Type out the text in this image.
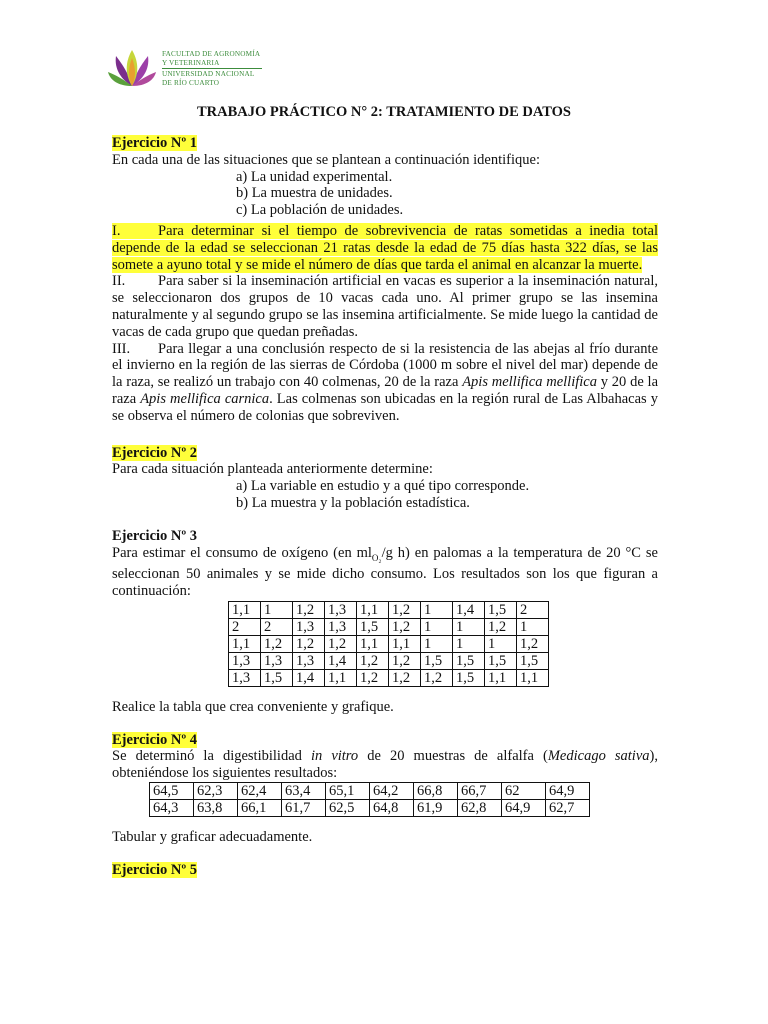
FACULTAD DE AGRONOMÍA
Y VETERINARIA
UNIVERSIDAD NACIONAL
DE RÍO CUARTO
TRABAJO PRÁCTICO N° 2: TRATAMIENTO DE DATOS
Ejercicio Nº 1
En cada una de las situaciones que se plantean a continuación identifique:
a) La unidad experimental.
b) La muestra de unidades.
c) La población de unidades.
I.	Para determinar si el tiempo de sobrevivencia de ratas sometidas a inedia total depende de la edad se seleccionan 21 ratas desde la edad de 75 días hasta 322 días, se las somete a ayuno total y se mide el número de días que tarda el animal en alcanzar la muerte.
II. Para saber si la inseminación artificial en vacas es superior a la inseminación natural, se seleccionaron dos grupos de 10 vacas cada uno. Al primer grupo se las insemina naturalmente y al segundo grupo se las insemina artificialmente. Se mide luego la cantidad de vacas de cada grupo que quedan preñadas.
III. Para llegar a una conclusión respecto de si la resistencia de las abejas al frío durante el invierno en la región de las sierras de Córdoba (1000 m sobre el nivel del mar) depende de la raza, se realizó un trabajo con 40 colmenas, 20 de la raza Apis mellifica mellifica y 20 de la raza Apis mellifica carnica. Las colmenas son ubicadas en la región rural de Las Albahacas y se observa el número de colonias que sobreviven.
Ejercicio Nº 2
Para cada situación planteada anteriormente determine:
a) La variable en estudio y a qué tipo corresponde.
b) La muestra y la población estadística.
Ejercicio Nº 3
Para estimar el consumo de oxígeno (en $ml_{O_2}/g$ h) en palomas a la temperatura de 20 °C se seleccionan 50 animales y se mide dicho consumo. Los resultados son los que figuran a continuación:
1,1	1	1,2	1,3	1,1	1,2	1	1,4	1,5	2
2	2	1,3	1,3	1,5	1,2	1	1	1,2	1
1,1	1,2	1,2	1,2	1,1	1,1	1	1	1	1,2
1,3	1,3	1,3	1,4	1,2	1,2	1,5	1,5	1,5	1,5
1,3	1,5	1,4	1,1	1,2	1,2	1,2	1,5	1,1	1,1
Realice la tabla que crea conveniente y grafique.
Ejercicio Nº 4
Se determinó la digestibilidad in vitro de 20 muestras de alfalfa (Medicago sativa), obteniéndose los siguientes resultados:
64,5	62,3	62,4	63,4	65,1	64,2	66,8	66,7	62	64,9
64,3	63,8	66,1	61,7	62,5	64,8	61,9	62,8	64,9	62,7
Tabular y graficar adecuadamente.
Ejercicio Nº 5
